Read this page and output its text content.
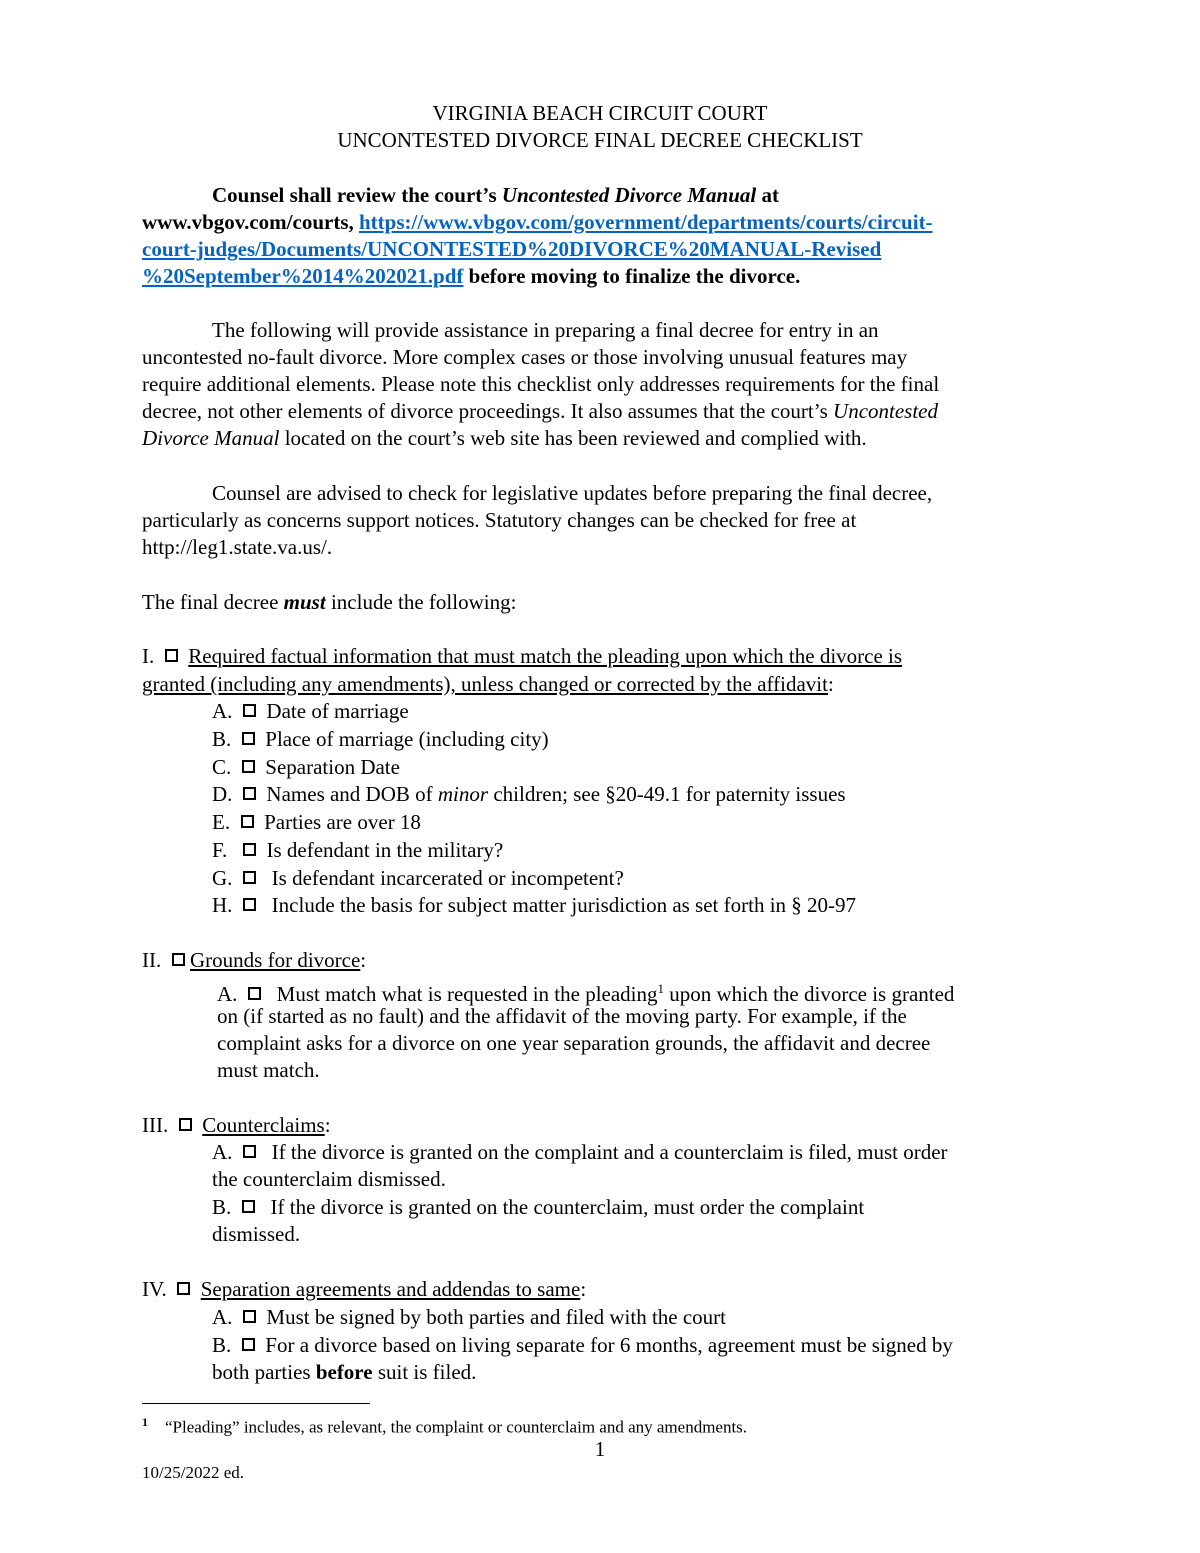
VIRGINIA BEACH CIRCUIT COURT
UNCONTESTED DIVORCE FINAL DECREE CHECKLIST
Counsel shall review the court’s Uncontested Divorce Manual at
www.vbgov.com/courts, https://www.vbgov.com/government/departments/courts/circuit-
court-judges/Documents/UNCONTESTED%20DIVORCE%20MANUAL-Revised
%20September%2014%202021.pdf before moving to finalize the divorce.
The following will provide assistance in preparing a final decree for entry in an
uncontested no-fault divorce. More complex cases or those involving unusual features may
require additional elements. Please note this checklist only addresses requirements for the final
decree, not other elements of divorce proceedings. It also assumes that the court’s Uncontested
Divorce Manual located on the court’s web site has been reviewed and complied with.
Counsel are advised to check for legislative updates before preparing the final decree,
particularly as concerns support notices. Statutory changes can be checked for free at
http://leg1.state.va.us/.
The final decree must include the following:
I. Required factual information that must match the pleading upon which the divorce is
granted (including any amendments), unless changed or corrected by the affidavit:
A. Date of marriage
B. Place of marriage (including city)
C. Separation Date
D. Names and DOB of minor children; see §20-49.1 for paternity issues
E. Parties are over 18
F. Is defendant in the military?
G. Is defendant incarcerated or incompetent?
H. Include the basis for subject matter jurisdiction as set forth in § 20-97
II. Grounds for divorce:
A. Must match what is requested in the pleading$^1$ upon which the divorce is granted
on (if started as no fault) and the affidavit of the moving party. For example, if the
complaint asks for a divorce on one year separation grounds, the affidavit and decree
must match.
III. Counterclaims:
A. If the divorce is granted on the complaint and a counterclaim is filed, must order
the counterclaim dismissed.
B. If the divorce is granted on the counterclaim, must order the complaint
dismissed.
IV. Separation agreements and addendas to same:
A. Must be signed by both parties and filed with the court
B. For a divorce based on living separate for 6 months, agreement must be signed by
both parties before suit is filed.
$^1$ “Pleading” includes, as relevant, the complaint or counterclaim and any amendments.
1
10/25/2022 ed.
